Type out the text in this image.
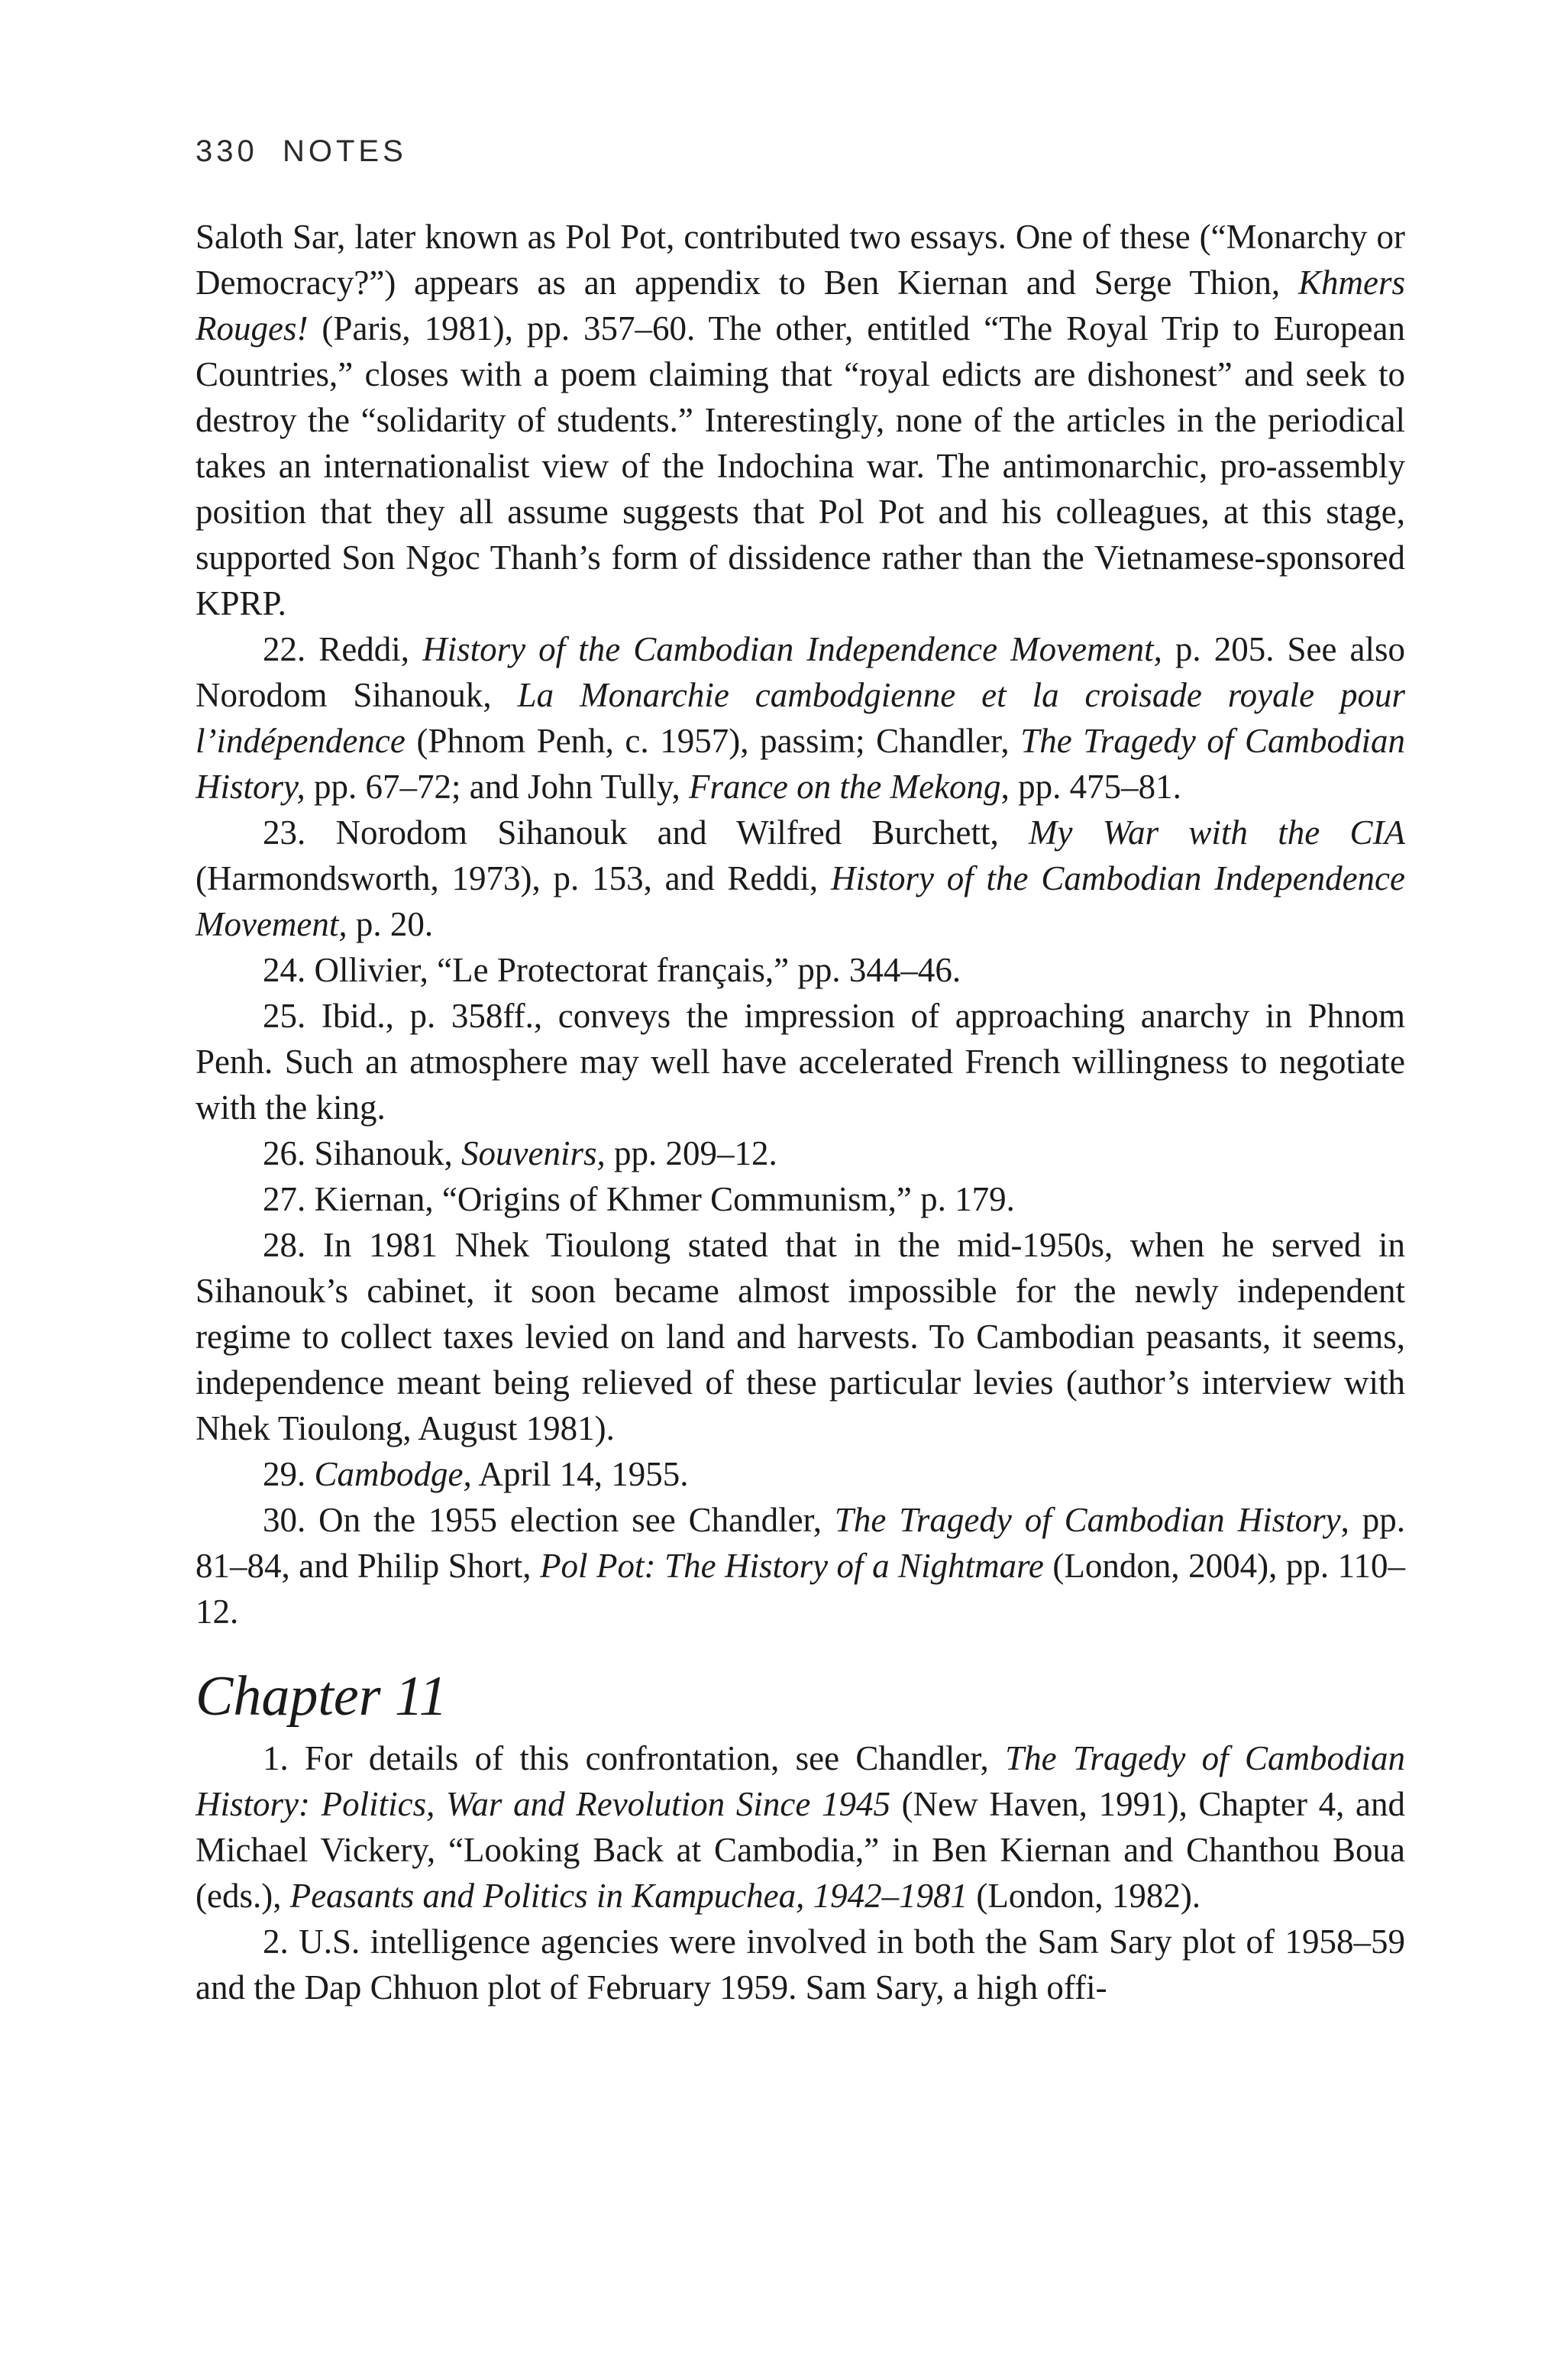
330 NOTES

Saloth Sar, later known as Pol Pot, contributed two essays. One of these (“Monarchy or Democracy?”) appears as an appendix to Ben Kiernan and Serge Thion, Khmers Rouges! (Paris, 1981), pp. 357–60. The other, entitled “The Royal Trip to European Countries,” closes with a poem claiming that “royal edicts are dishonest” and seek to destroy the “solidarity of students.” Interestingly, none of the articles in the periodical takes an internationalist view of the Indochina war. The antimonarchic, pro-assembly position that they all assume suggests that Pol Pot and his colleagues, at this stage, supported Son Ngoc Thanh’s form of dissidence rather than the Vietnamese-sponsored KPRP.

22. Reddi, History of the Cambodian Independence Movement, p. 205. See also Norodom Sihanouk, La Monarchie cambodgienne et la croisade royale pour l’indépendence (Phnom Penh, c. 1957), passim; Chandler, The Tragedy of Cambodian History, pp. 67–72; and John Tully, France on the Mekong, pp. 475–81.

23. Norodom Sihanouk and Wilfred Burchett, My War with the CIA (Harmondsworth, 1973), p. 153, and Reddi, History of the Cambodian Independence Movement, p. 20.

24. Ollivier, “Le Protectorat français,” pp. 344–46.

25. Ibid., p. 358ff., conveys the impression of approaching anarchy in Phnom Penh. Such an atmosphere may well have accelerated French willingness to negotiate with the king.

26. Sihanouk, Souvenirs, pp. 209–12.

27. Kiernan, “Origins of Khmer Communism,” p. 179.

28. In 1981 Nhek Tioulong stated that in the mid-1950s, when he served in Sihanouk’s cabinet, it soon became almost impossible for the newly independent regime to collect taxes levied on land and harvests. To Cambodian peasants, it seems, independence meant being relieved of these particular levies (author’s interview with Nhek Tioulong, August 1981).

29. Cambodge, April 14, 1955.

30. On the 1955 election see Chandler, The Tragedy of Cambodian History, pp. 81–84, and Philip Short, Pol Pot: The History of a Nightmare (London, 2004), pp. 110–12.

Chapter 11

1. For details of this confrontation, see Chandler, The Tragedy of Cambodian History: Politics, War and Revolution Since 1945 (New Haven, 1991), Chapter 4, and Michael Vickery, “Looking Back at Cambodia,” in Ben Kiernan and Chanthou Boua (eds.), Peasants and Politics in Kampuchea, 1942–1981 (London, 1982).

2. U.S. intelligence agencies were involved in both the Sam Sary plot of 1958–59 and the Dap Chhuon plot of February 1959. Sam Sary, a high offi-
